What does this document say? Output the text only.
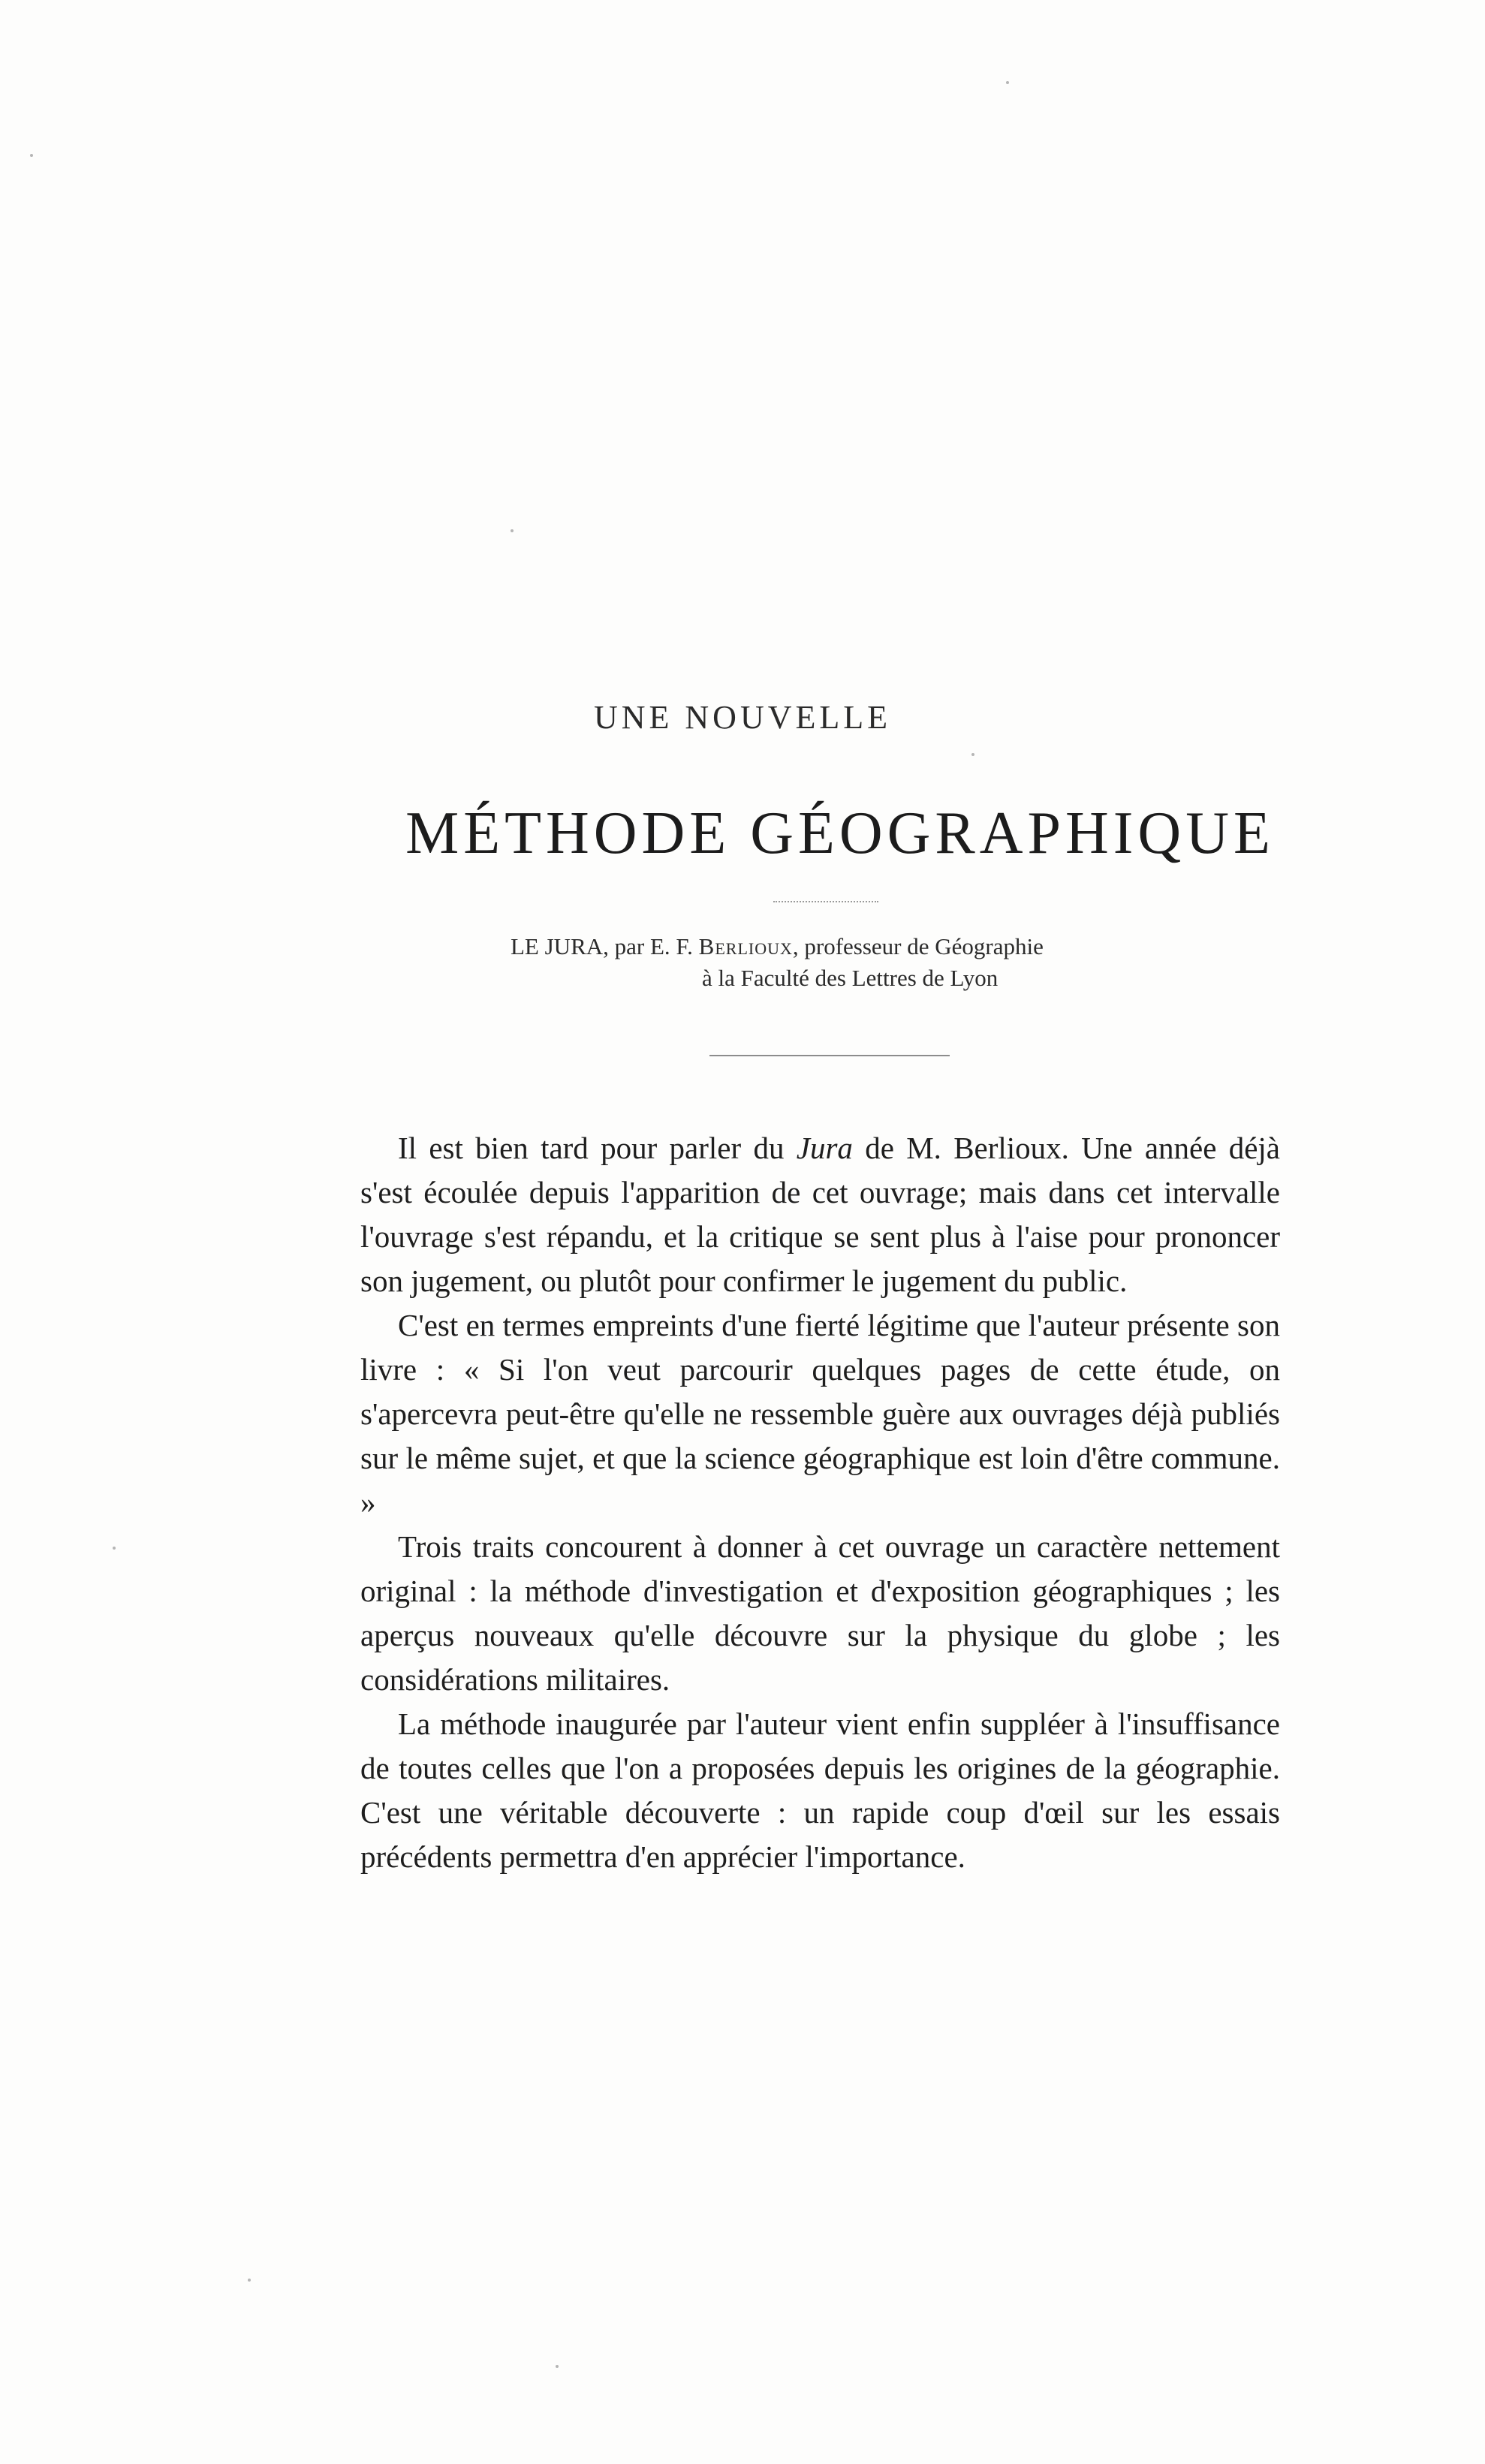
UNE NOUVELLE
MÉTHODE GÉOGRAPHIQUE
LE JURA, par E. F. Berlioux, professeur de Géographie
à la Faculté des Lettres de Lyon

Il est bien tard pour parler du Jura de M. Berlioux. Une année déjà s'est écoulée depuis l'apparition de cet ouvrage; mais dans cet intervalle l'ouvrage s'est répandu, et la critique se sent plus à l'aise pour prononcer son jugement, ou plutôt pour confirmer le jugement du public.

C'est en termes empreints d'une fierté légitime que l'auteur présente son livre : « Si l'on veut parcourir quelques pages de cette étude, on s'apercevra peut-être qu'elle ne ressemble guère aux ouvrages déjà publiés sur le même sujet, et que la science géographique est loin d'être commune. »

Trois traits concourent à donner à cet ouvrage un caractère nettement original : la méthode d'investigation et d'exposition géographiques ; les aperçus nouveaux qu'elle découvre sur la physique du globe ; les considérations militaires.

La méthode inaugurée par l'auteur vient enfin suppléer à l'insuffisance de toutes celles que l'on a proposées depuis les origines de la géographie. C'est une véritable découverte : un rapide coup d'œil sur les essais précédents permettra d'en apprécier l'importance.
